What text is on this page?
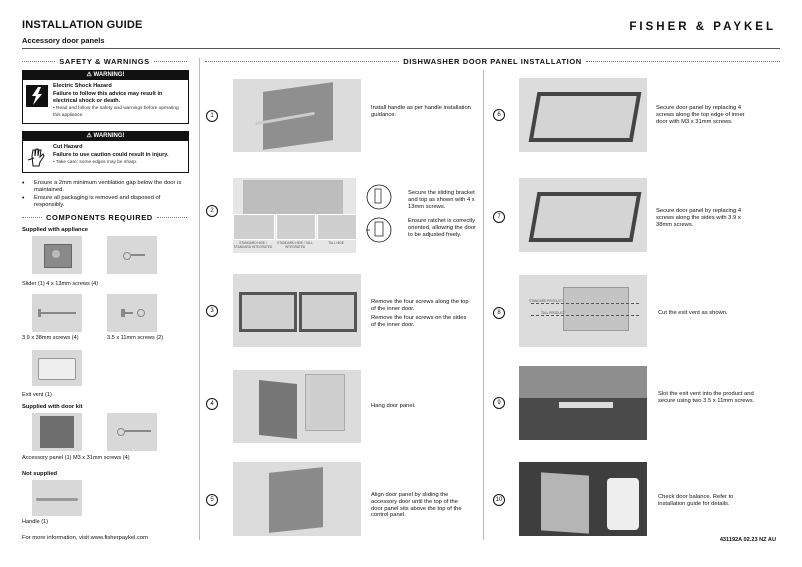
INSTALLATION GUIDE
Accessory door panels
FISHER & PAYKEL
SAFETY & WARNINGS
⚠ WARNING!
Electric Shock Hazard
Failure to follow this advice may result in electrical shock or death.
• Read and follow the safety and warnings before operating this appliance.
⚠ WARNING!
Cut Hazard
Failure to use caution could result in injury.
• Take care: some edges may be sharp.
•	Ensure a 2mm minimum ventilation gap below the door is maintained.
•	Ensure all packaging is removed and disposed of responsibly.
COMPONENTS REQUIRED
Supplied with appliance
Slider (1) 4 x 13mm screws (4)
3.9 x 38mm screws (4)	3.5 x 11mm screws (2)
Exit vent (1)
Supplied with door kit
Accessory panel (1) M3 x 31mm screws (4)
Not supplied
Handle (1)
DISHWASHER DOOR PANEL INSTALLATION
1
Install handle as per handle installation guidance.
2
STANDARD HIDE / STANDARD INTEGRATED
STANDARD HIDE / TALL INTEGRATED
TALL HIDE
Secure the sliding bracket and top as shown with 4 x 13mm screws.
Ensure ratchet is correctly oriented, allowing the door to be adjusted freely.
3
Remove the four screws along the top of the inner door.
Remove the four screws on the sides of the inner door.
4	Hang door panel.
5
Align door panel by sliding the accessory door until the top of the door panel sits above the top of the control panel.
6
Secure door panel by replacing 4 screws along the top edge of inner door with M3 x 31mm screws.
7
Secure door panel by replacing 4 screws along the sides with 3.9 x 38mm screws.
8
STANDARD PRODUCT
TALL PRODUCT	Cut the exit vent as shown.
9
Slot the exit vent into the product and secure using two 3.5 x 11mm screws.
10	Check door balance. Refer to installation guide for details.
For more information, visit www.fisherpaykel.com	431192A 02.23 NZ AU
